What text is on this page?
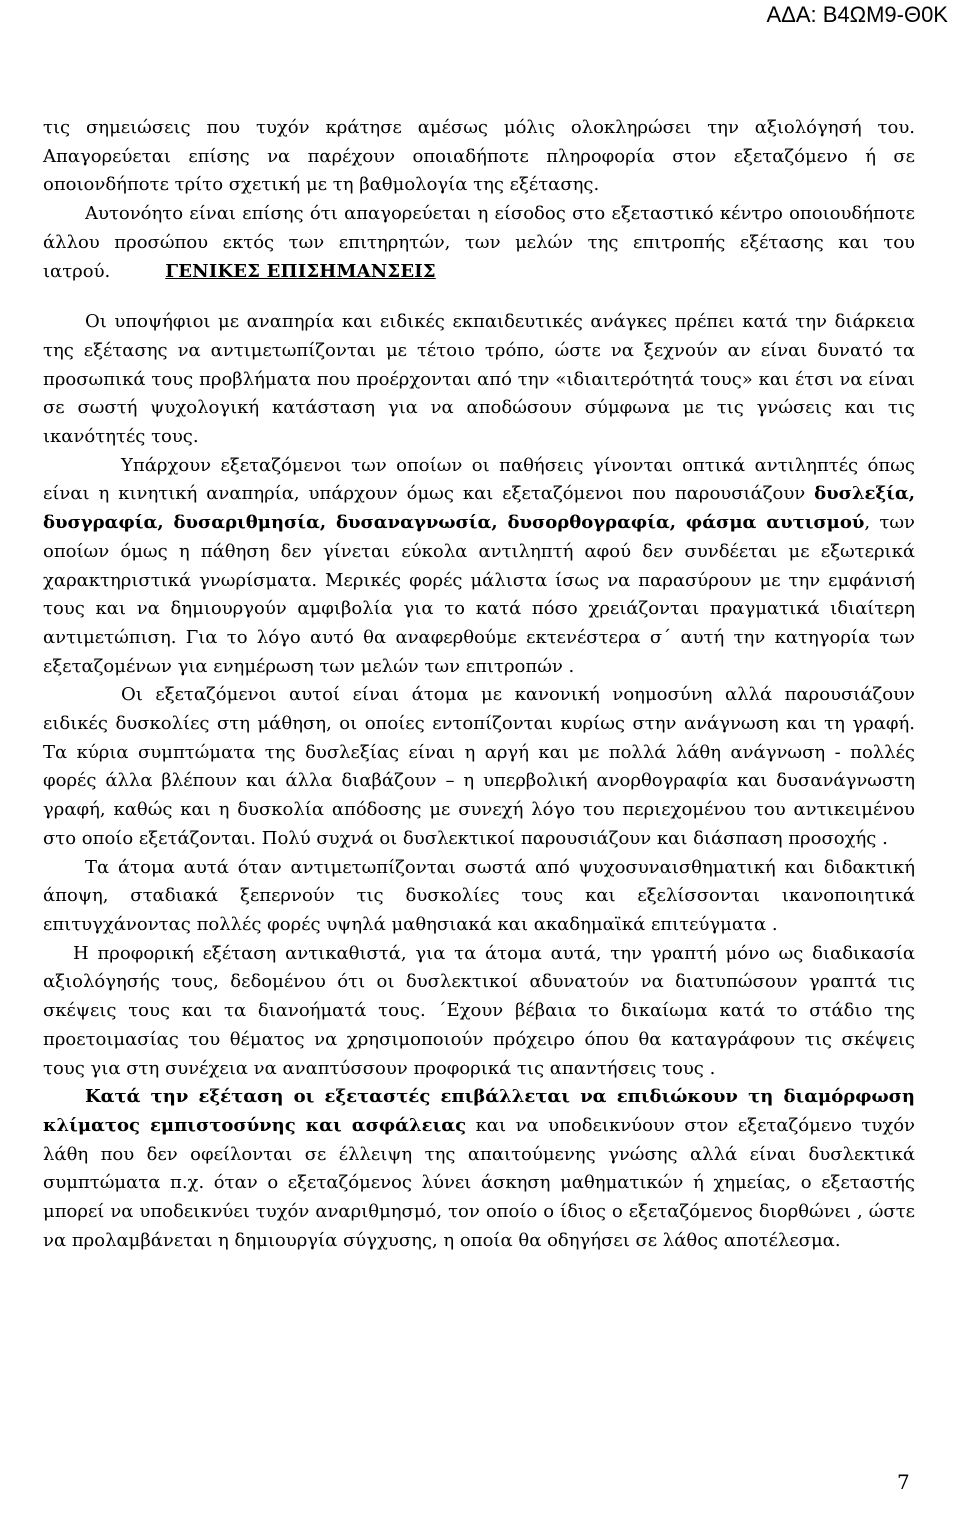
ΑΔΑ: Β4ΩΜ9-Θ0Κ

τις σημειώσεις που τυχόν κράτησε αμέσως μόλις ολοκληρώσει την αξιολόγησή του. Απαγορεύεται επίσης να παρέχουν οποιαδήποτε πληροφορία στον εξεταζόμενο ή σε οποιονδήποτε τρίτο σχετική με τη βαθμολογία της εξέτασης.

Αυτονόητο είναι επίσης ότι απαγορεύεται η είσοδος στο εξεταστικό κέντρο οποιουδήποτε άλλου προσώπου εκτός των επιτηρητών, των μελών της επιτροπής εξέτασης και του ιατρού.	ΓΕΝΙΚΕΣ ΕΠΙΣΗΜΑΝΣΕΙΣ

Οι υποψήφιοι με αναπηρία και ειδικές εκπαιδευτικές ανάγκες πρέπει κατά την διάρκεια της εξέτασης να αντιμετωπίζονται με τέτοιο τρόπο, ώστε να ξεχνούν αν είναι δυνατό τα προσωπικά τους προβλήματα που προέρχονται από την «ιδιαιτερότητά τους» και έτσι να είναι σε σωστή ψυχολογική κατάσταση για να αποδώσουν σύμφωνα με τις γνώσεις και τις ικανότητές τους.

Υπάρχουν εξεταζόμενοι των οποίων οι παθήσεις γίνονται οπτικά αντιληπτές όπως είναι η κινητική αναπηρία, υπάρχουν όμως και εξεταζόμενοι που παρουσιάζουν δυσλεξία, δυσγραφία, δυσαριθμησία, δυσαναγνωσία, δυσορθογραφία, φάσμα αυτισμού, των οποίων όμως η πάθηση δεν γίνεται εύκολα αντιληπτή αφού δεν συνδέεται με εξωτερικά χαρακτηριστικά γνωρίσματα. Μερικές φορές μάλιστα ίσως να παρασύρουν με την εμφάνισή τους και να δημιουργούν αμφιβολία για το κατά πόσο χρειάζονται πραγματικά ιδιαίτερη αντιμετώπιση. Για το λόγο αυτό θα αναφερθούμε εκτενέστερα σ΄ αυτή την κατηγορία των εξεταζομένων για ενημέρωση των μελών των επιτροπών .

Οι εξεταζόμενοι αυτοί είναι άτομα με κανονική νοημοσύνη αλλά παρουσιάζουν ειδικές δυσκολίες στη μάθηση, οι οποίες εντοπίζονται κυρίως στην ανάγνωση και τη γραφή. Τα κύρια συμπτώματα της δυσλεξίας είναι η αργή και με πολλά λάθη ανάγνωση - πολλές φορές άλλα βλέπουν και άλλα διαβάζουν – η υπερβολική ανορθογραφία και δυσανάγνωστη γραφή, καθώς και η δυσκολία απόδοσης με συνεχή λόγο του περιεχομένου του αντικειμένου στο οποίο εξετάζονται. Πολύ συχνά οι δυσλεκτικοί παρουσιάζουν και διάσπαση προσοχής .

Τα άτομα αυτά όταν αντιμετωπίζονται σωστά από ψυχοσυναισθηματική και διδακτική άποψη, σταδιακά ξεπερνούν τις δυσκολίες τους και εξελίσσονται ικανοποιητικά επιτυγχάνοντας πολλές φορές υψηλά μαθησιακά και ακαδημαϊκά επιτεύγματα .

Η προφορική εξέταση αντικαθιστά, για τα άτομα αυτά, την γραπτή μόνο ως διαδικασία αξιολόγησής τους, δεδομένου ότι οι δυσλεκτικοί αδυνατούν να διατυπώσουν γραπτά τις σκέψεις τους και τα διανοήματά τους. ΄Εχουν βέβαια το δικαίωμα κατά το στάδιο της προετοιμασίας του θέματος να χρησιμοποιούν πρόχειρο όπου θα καταγράφουν τις σκέψεις τους για στη συνέχεια να αναπτύσσουν προφορικά τις απαντήσεις τους .

Κατά την εξέταση οι εξεταστές επιβάλλεται να επιδιώκουν τη διαμόρφωση κλίματος εμπιστοσύνης και ασφάλειας και να υποδεικνύουν στον εξεταζόμενο τυχόν λάθη που δεν οφείλονται σε έλλειψη της απαιτούμενης γνώσης αλλά είναι δυσλεκτικά συμπτώματα π.χ. όταν ο εξεταζόμενος λύνει άσκηση μαθηματικών ή χημείας, ο εξεταστής μπορεί να υποδεικνύει τυχόν αναριθμησμό, τον οποίο ο ίδιος ο εξεταζόμενος διορθώνει , ώστε να προλαμβάνεται η δημιουργία σύγχυσης, η οποία θα οδηγήσει σε λάθος αποτέλεσμα.

7
